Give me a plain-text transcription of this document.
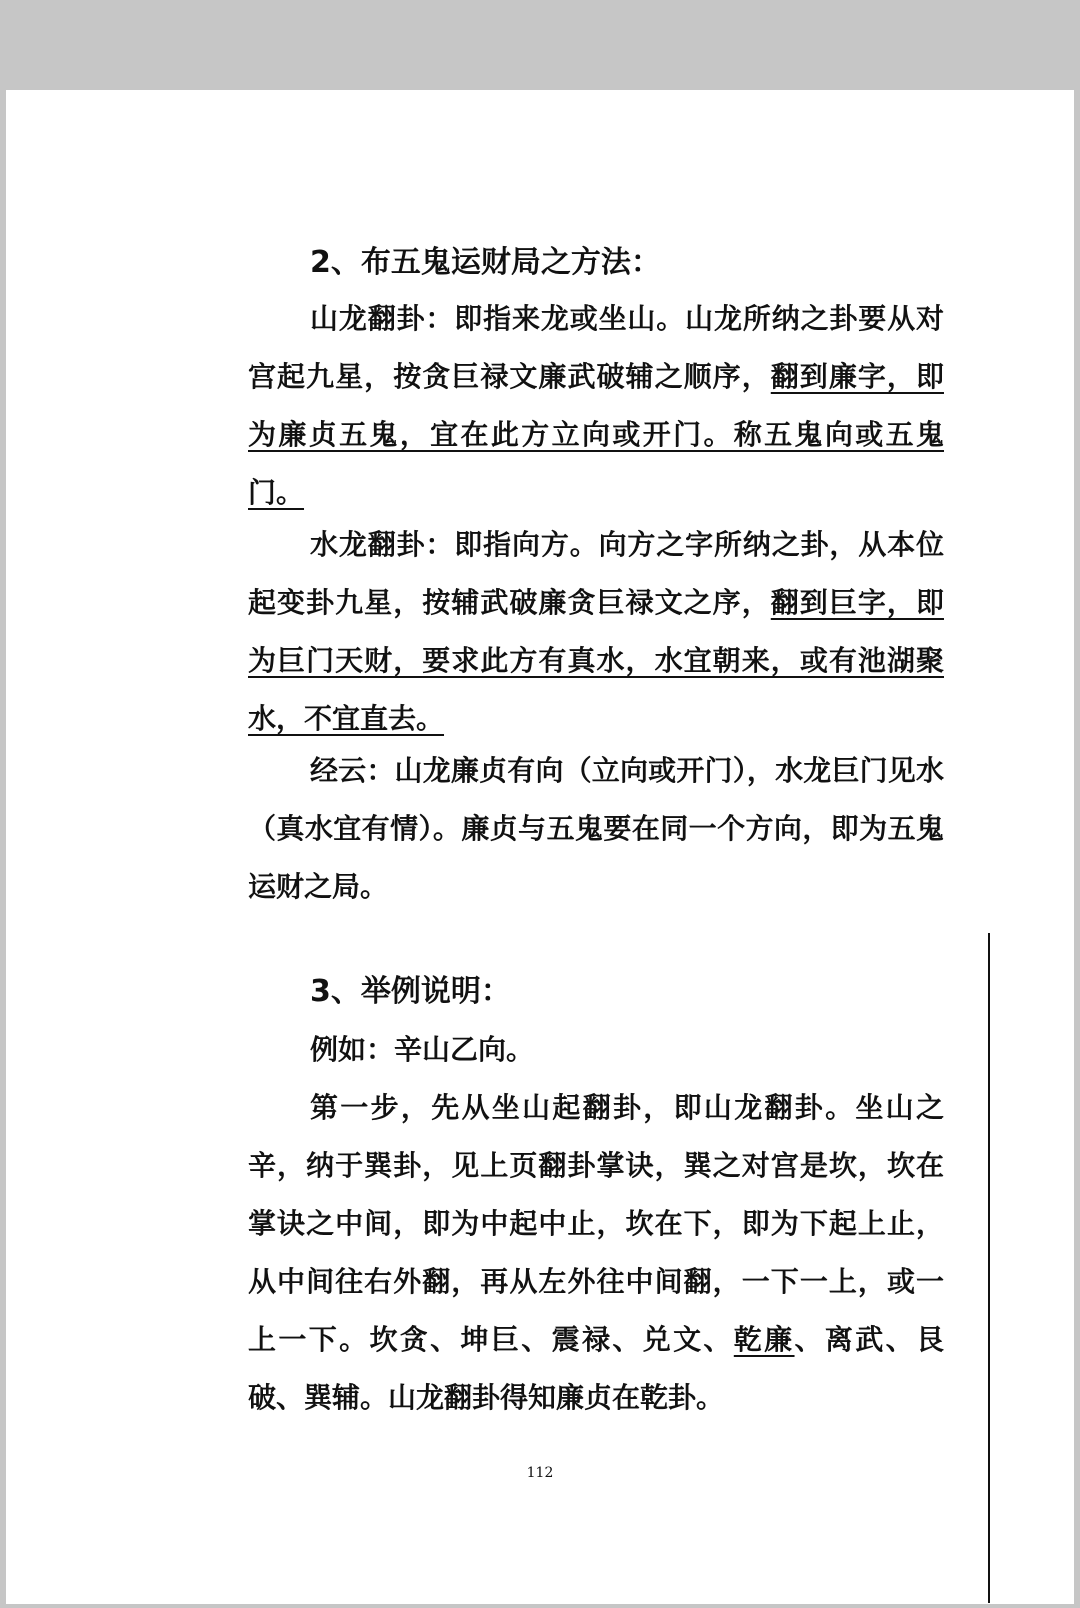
2、布五鬼运财局之方法：

山龙翻卦：即指来龙或坐山。山龙所纳之卦要从对宫起九星，按贪巨禄文廉武破辅之顺序，翻到廉字，即为廉贞五鬼，宜在此方立向或开门。称五鬼向或五鬼门。

水龙翻卦：即指向方。向方之字所纳之卦，从本位起变卦九星，按辅武破廉贪巨禄文之序，翻到巨字，即为巨门天财，要求此方有真水，水宜朝来，或有池湖聚水，不宜直去。

经云：山龙廉贞有向（立向或开门），水龙巨门见水（真水宜有情）。廉贞与五鬼要在同一个方向，即为五鬼运财之局。

3、举例说明：

例如：辛山乙向。

第一步，先从坐山起翻卦，即山龙翻卦。坐山之辛，纳于巽卦，见上页翻卦掌诀，巽之对宫是坎，坎在掌诀之中间，即为中起中止，坎在下，即为下起上止，从中间往右外翻，再从左外往中间翻，一下一上，或一上一下。坎贪、坤巨、震禄、兑文、乾廉、离武、艮破、巽辅。山龙翻卦得知廉贞在乾卦。

112
